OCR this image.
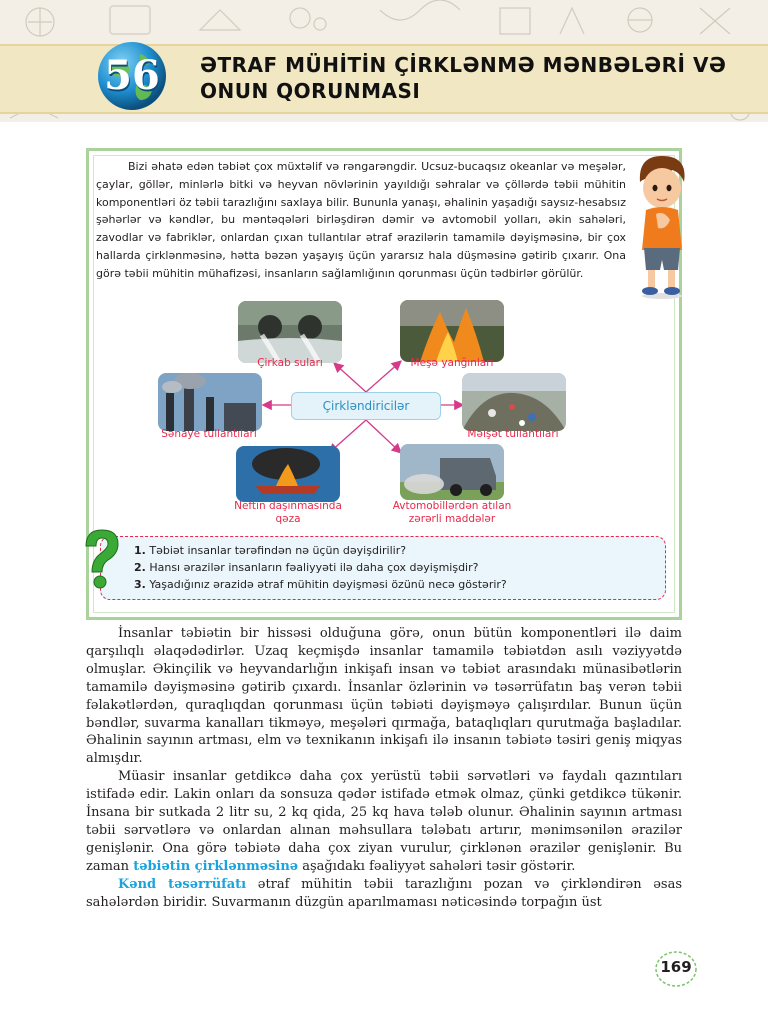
56	ƏTRAF MÜHİTİN ÇİRKLƏNMƏ MƏNBƏLƏRİ VƏ
ONUN QORUNMASI

Bizi əhatə edən təbiət çox müxtəlif və rəngarəngdir. Ucsuz-bucaqsız okeanlar və meşələr, çaylar, göllər, minlərlə bitki və heyvan növlərinin yayıldığı səhralar və çöllərdə təbii mühitin komponentləri öz təbii tarazlığını saxlaya bilir. Bununla yanaşı, əhalinin yaşadığı saysız-hesabsız şəhərlər və kəndlər, bu məntəqələri birləşdirən dəmir və avtomobil yolları, əkin sahələri, zavodlar və fabriklər, onlardan çıxan tullantılar ətraf ərazilərin tamamilə dəyişməsinə, bir çox hallarda çirklənməsinə, hətta bəzən yaşayış üçün yararsız hala düşməsinə gətirib çıxarır. Ona görə təbii mühitin mühafizəsi, insanların sağlamlığının qorunması üçün tədbirlər görülür.

Çirkləndiricilər
Çirkab suları	Meşə yanğınları
Sənaye tullantıları	Məişət tullantıları
Neftin daşınmasında qəza
Avtomobillərdən atılan zərərli maddələr
1. Təbiət insanlar tərəfindən nə üçün dəyişdirilir?
2. Hansı ərazilər insanların fəaliyyəti ilə daha çox dəyişmişdir?
3. Yaşadığınız ərazidə ətraf mühitin dəyişməsi özünü necə göstərir?

İnsanlar təbiətin bir hissəsi olduğuna görə, onun bütün komponentləri ilə daim qarşılıqlı əlaqədədirlər. Uzaq keçmişdə insanlar tamamilə təbiətdən asılı vəziyyətdə olmuşlar. Əkinçilik və heyvandarlığın inkişafı insan və təbiət arasındakı münasibətlərin tamamilə dəyişməsinə gətirib çıxardı. İnsanlar özlərinin və təsərrüfatın baş verən təbii fəlakətlərdən, quraqlıqdan qorunması üçün təbiəti dəyişməyə çalışırdılar. Bunun üçün bəndlər, suvarma kanalları tikməyə, meşələri qırmağa, bataqlıqları qurutmağa başladılar. Əhalinin sayının artması, elm və texnikanın inkişafı ilə insanın təbiətə təsiri geniş miqyas almışdır.

Müasir insanlar getdikcə daha çox yerüstü təbii sərvətləri və faydalı qazıntıları istifadə edir. Lakin onları da sonsuza qədər istifadə etmək olmaz, çünki getdikcə tükənir. İnsana bir sutkada 2 litr su, 2 kq qida, 25 kq hava tələb olunur. Əhalinin sayının artması təbii sərvətlərə və onlardan alınan məhsullara tələbatı artırır, mənimsənilən ərazilər genişlənir. Ona görə təbiətə daha çox ziyan vurulur, çirklənən ərazilər genişlənir. Bu zaman təbiətin çirklənməsinə aşağıdakı fəaliyyət sahələri təsir göstərir.

Kənd təsərrüfatı ətraf mühitin təbii tarazlığını pozan və çirkləndirən əsas sahələrdən biridir. Suvarmanın düzgün aparılmaması nəticəsində torpağın üst

169
